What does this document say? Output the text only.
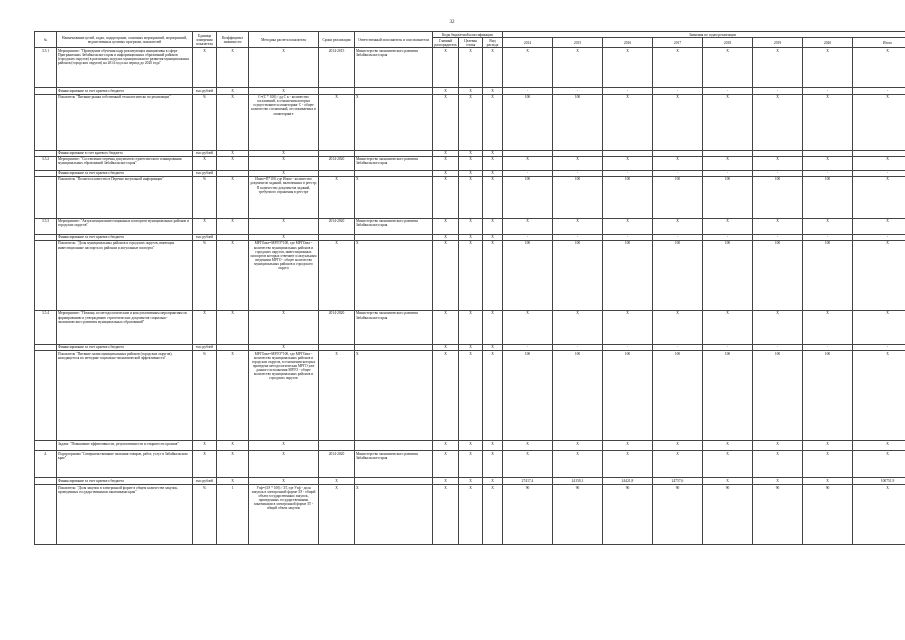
32
№	Наименование целей, задач, подпрограмм, основных мероприятий, мероприятий, ведомственных целевых программ, показателей	Единица измерения показателя	Коэффициент значимости	Методика расчета показателя	Сроки реализации	Ответственный исполнитель и соисполнители	Коды бюджетной классификации			Значения по годам реализации							
							Главный распорядитель	Целевая статья	Вид расхода	2014	2015	2016	2017	2018	2019	2020	Итого
3.5.1	Мероприятие: "Проведение обучения кадр реализующих инициативы в сфере Приграничных Забайкальского края и информационных образований районов (городских округов) в различных модулях муниципального развития муниципальных районов (городских округов) на 2014 год и на период до 2020 года"	Х	Х	Х	2014-2015	Министерство экономического развития Забайкальского края	Х	Х	Х	Х	Х	Х	Х	Х	Х	Х	Х
	Финансирование за счет краевого бюджета	тыс.рублей	Х	Х			Х	Х	Х	-	-	-	-	-	-	-	-
	Показатель "Питание рынка собственной технологическо по реализации"	%	Х	С=(С * 100) / дд С к - количество соглашений, в отношении которых осуществляются мониторинг С - общее количество соглашений, отслеживаемых в мониторинге	Х	Х	Х	Х	Х	100	100	Х	Х	Х	Х	Х	Х
	Финансирование в счет краевого бюджета	тыс.рублей	Х	Х			Х	Х	Х								
3.5.2	Мероприятие: "Составление перечня документов стратегического планирования муниципальных образований Забайкальского края"	Х	Х	Х	2014-2020	Министерство экономического развития Забайкальского края	Х	Х	Х	Х	Х	Х	Х	Х	Х	Х	Х
	Финансирование за счет краевого бюджета	тыс.рублей		Х			Х	Х	Х	-	-	-	-	-	-	-	-
	Показатель "Полнота и качество в Перечне актуальной информации"	%	Х	Ипмо=П*100, где Ипмо - количество документов заданий, включенных в реестр; П количество документов заданий, требуемого отражения в реестре	Х	Х	Х	Х	Х	100	100	100	100	100	100	100	Х
3.5.3	Мероприятие: "Актуализация инвестиционных паспортов муниципальных районов и городских округов"	Х	Х	Х	2014-2020	Министерство экономического развития Забайкальского края	Х	Х	Х	Х	Х	Х	Х	Х	Х	Х	Х
	Финансирование за счет краевого бюджета	тыс.рублей		Х			Х	Х	Х	-	-	-	-	-	-	-	-
	Показатель: "Доля муниципальных районов и городских округов, имеющих инвестиционные паспорта по районам и актуальные паспорта"	%	Х	МРГОакт=МРГО*100, где МРГОакт - количество муниципальных районов и городских округов, инвестиционных паспортов которых отвечают и актуальным сведениям МРГО - общее количество муниципальных районов и городского округа	Х	Х	Х	Х	Х	100	100	100	100	100	100	100	Х
3.5.4	Мероприятие: "Помощь по методологическим и консультативным мероприятиям по формированию и утверждению стратегических документов социально-экономического развития муниципальных образований"	Х	Х	Х	2014-2020	Министерство экономического развития Забайкальского края	Х	Х	Х	Х	Х	Х	Х	Х	Х	Х	Х
	Финансирование за счет краевого бюджета	тыс.рублей		Х			Х	Х	Х	-	-	-	-	-	-	-	-
	Показатель "Питание плана муниципальных районов (городских округов), находящегося по методике социально-экономической эффективности"	%	Х	МРГОакт=МРГО*100, где МРГОакт - количество муниципальных районов и городских округов, в отношении которых проведена методологическая МРГО уже данного исполнения МРГО - общее количество муниципальных районов и городских округов	Х	Х	Х	Х	Х	100	100	100	100	100	100	100	Х
	Задача: "Повышение эффективности, результативности и открытости органов"	Х	Х	Х			Х	Х	Х	Х	Х	Х	Х	Х	Х	Х	Х
4.	Подпрограмма "Совершенствование оказания товаров, работ, услуг в Забайкальском крае"	Х	Х	Х	2014-2020	Министерство экономического развития Забайкальского края	Х	Х	Х	Х	Х	Х	Х	Х	Х	Х	Х
	Финансирование за счет краевого бюджета	тыс.рублей	Х	Х	Х		Х	Х	Х	27417,4	24150,1	24421,8	24757,6	Х	Х	Х	100751,9
	Показатель: "Доля закупок в электронной форме в общем количестве закупок, проведенных государственными заказчиками края"	%	1	Уэф=(ЗЭ * 100) / ЗТ, где Уэф - доля закупок в электронной форме ЗЭ - общий объем государственных закупок, проведенных государственными заказчиками в электронной форме ЗТ - общий объем закупок	Х	Х	Х	Х	Х	90	90	90	90	90	90	90	Х
